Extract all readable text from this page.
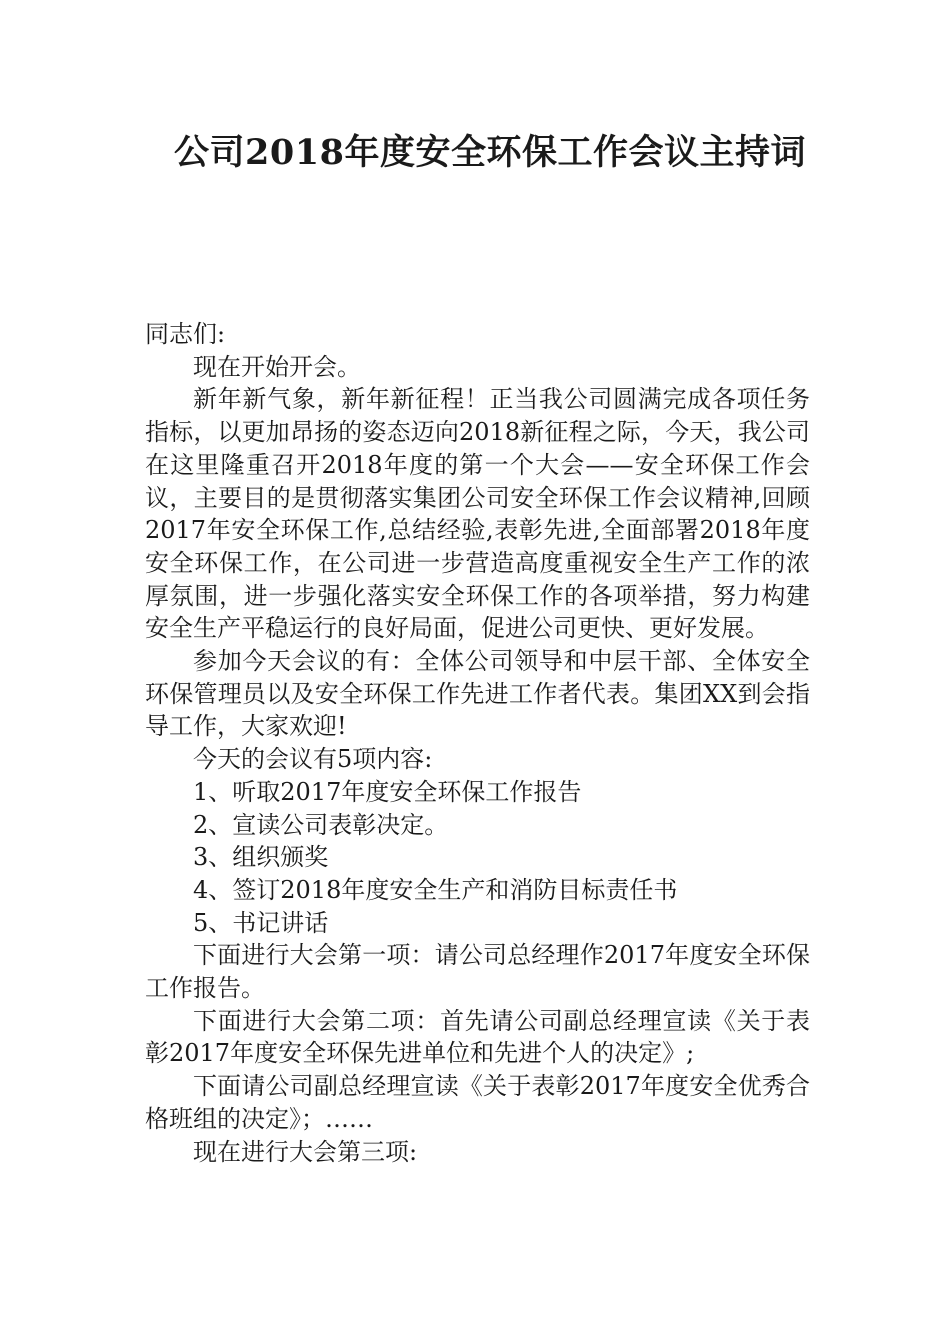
公司2018年度安全环保工作会议主持词

同志们:

现在开始开会。

新年新气象，新年新征程！正当我公司圆满完成各项任务指标，以更加昂扬的姿态迈向2018新征程之际，今天，我公司在这里隆重召开2018年度的第一个大会——安全环保工作会议，主要目的是贯彻落实集团公司安全环保工作会议精神,回顾2017年安全环保工作,总结经验,表彰先进,全面部署2018年度安全环保工作，在公司进一步营造高度重视安全生产工作的浓厚氛围，进一步强化落实安全环保工作的各项举措，努力构建安全生产平稳运行的良好局面，促进公司更快、更好发展。

参加今天会议的有：全体公司领导和中层干部、全体安全环保管理员以及安全环保工作先进工作者代表。集团XX到会指导工作，大家欢迎!

今天的会议有5项内容:

1、听取2017年度安全环保工作报告

2、宣读公司表彰决定。

3、组织颁奖

4、签订2018年度安全生产和消防目标责任书

5、书记讲话

下面进行大会第一项：请公司总经理作2017年度安全环保工作报告。

下面进行大会第二项：首先请公司副总经理宣读《关于表彰2017年度安全环保先进单位和先进个人的决定》;

下面请公司副总经理宣读《关于表彰2017年度安全优秀合格班组的决定》；……

现在进行大会第三项:
